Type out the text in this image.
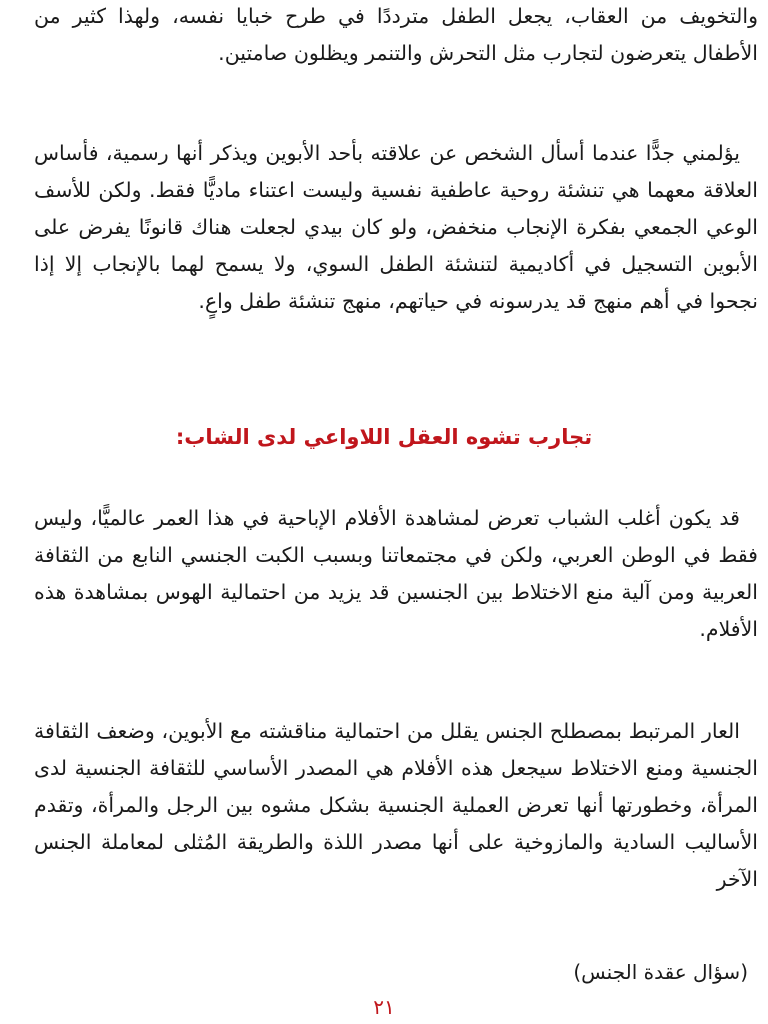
والتخويف من العقاب، يجعل الطفل مترددًا في طرح خبايا نفسه، ولهذا كثير من الأطفال يتعرضون لتجارب مثل التحرش والتنمر ويظلون صامتين.

يؤلمني جدًّا عندما أسأل الشخص عن علاقته بأحد الأبوين ويذكر أنها رسمية، فأساس العلاقة معهما هي تنشئة روحية عاطفية نفسية وليست اعتناء ماديًّا فقط. ولكن للأسف الوعي الجمعي بفكرة الإنجاب منخفض، ولو كان بيدي لجعلت هناك قانونًا يفرض على الأبوين التسجيل في أكاديمية لتنشئة الطفل السوي، ولا يسمح لهما بالإنجاب إلا إذا نجحوا في أهم منهج قد يدرسونه في حياتهم، منهج تنشئة طفل واعٍ.

تجارب تشوه العقل اللاواعي لدى الشاب:

قد يكون أغلب الشباب تعرض لمشاهدة الأفلام الإباحية في هذا العمر عالميًّا، وليس فقط في الوطن العربي، ولكن في مجتمعاتنا وبسبب الكبت الجنسي النابع من الثقافة العربية ومن آلية منع الاختلاط بين الجنسين قد يزيد من احتمالية الهوس بمشاهدة هذه الأفلام.

العار المرتبط بمصطلح الجنس يقلل من احتمالية مناقشته مع الأبوين، وضعف الثقافة الجنسية ومنع الاختلاط سيجعل هذه الأفلام هي المصدر الأساسي للثقافة الجنسية لدى المرأة، وخطورتها أنها تعرض العملية الجنسية بشكل مشوه بين الرجل والمرأة، وتقدم الأساليب السادية والمازوخية على أنها مصدر اللذة والطريقة المُثلى لمعاملة الجنس الآخر

(سؤال عقدة الجنس)

٢١
